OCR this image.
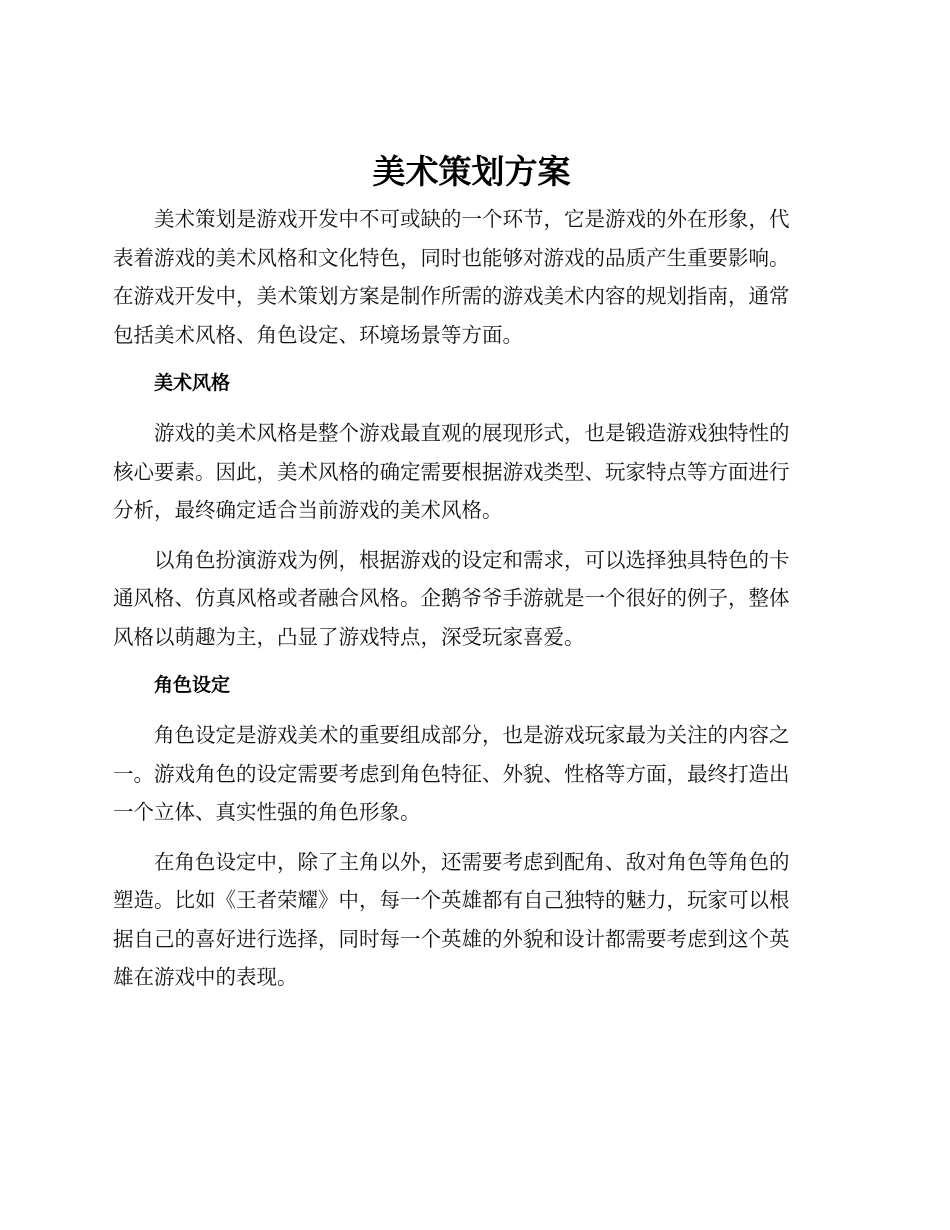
美术策划方案

美术策划是游戏开发中不可或缺的一个环节，它是游戏的外在形象，代
表着游戏的美术风格和文化特色，同时也能够对游戏的品质产生重要影响。
在游戏开发中，美术策划方案是制作所需的游戏美术内容的规划指南，通常
包括美术风格、角色设定、环境场景等方面。

美术风格

游戏的美术风格是整个游戏最直观的展现形式，也是锻造游戏独特性的
核心要素。因此，美术风格的确定需要根据游戏类型、玩家特点等方面进行
分析，最终确定适合当前游戏的美术风格。

以角色扮演游戏为例，根据游戏的设定和需求，可以选择独具特色的卡
通风格、仿真风格或者融合风格。企鹅爷爷手游就是一个很好的例子，整体
风格以萌趣为主，凸显了游戏特点，深受玩家喜爱。

角色设定

角色设定是游戏美术的重要组成部分，也是游戏玩家最为关注的内容之
一。游戏角色的设定需要考虑到角色特征、外貌、性格等方面，最终打造出
一个立体、真实性强的角色形象。

在角色设定中，除了主角以外，还需要考虑到配角、敌对角色等角色的
塑造。比如《王者荣耀》中，每一个英雄都有自己独特的魅力，玩家可以根
据自己的喜好进行选择，同时每一个英雄的外貌和设计都需要考虑到这个英
雄在游戏中的表现。
